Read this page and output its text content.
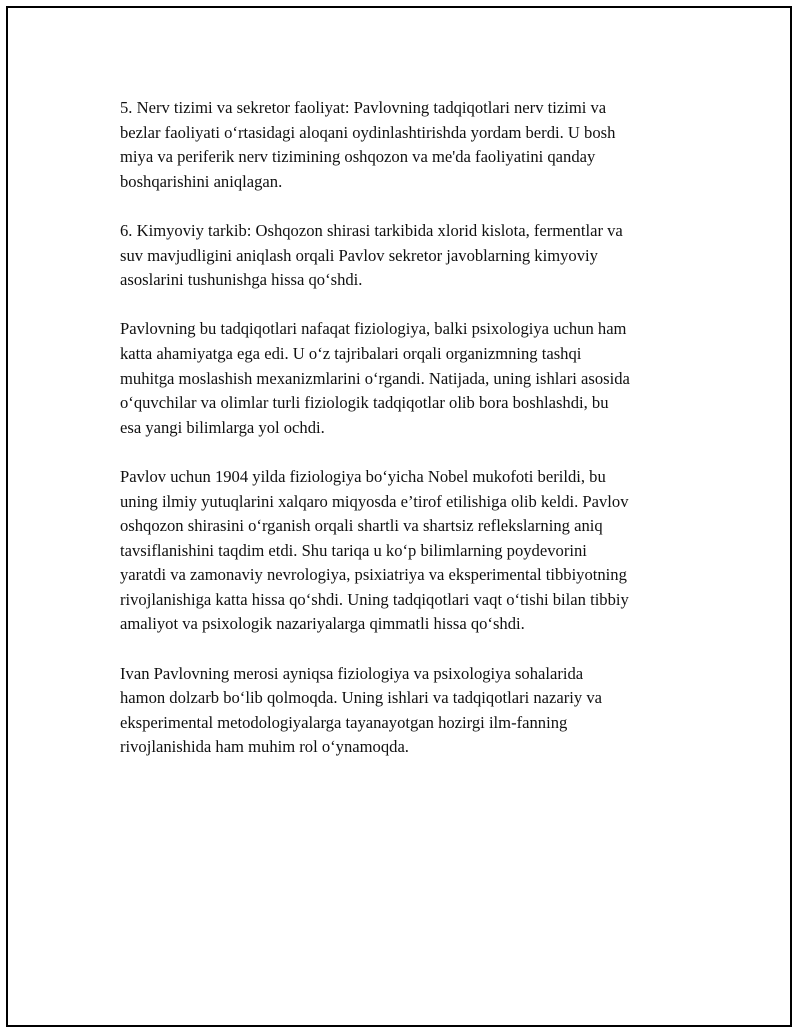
5. Nerv tizimi va sekretor faoliyat: Pavlovning tadqiqotlari nerv tizimi va
bezlar faoliyati o‘rtasidagi aloqani oydinlashtirishda yordam berdi. U bosh
miya va periferik nerv tizimining oshqozon va me'da faoliyatini qanday
boshqarishini aniqlagan.

6. Kimyoviy tarkib: Oshqozon shirasi tarkibida xlorid kislota, fermentlar va
suv mavjudligini aniqlash orqali Pavlov sekretor javoblarning kimyoviy
asoslarini tushunishga hissa qo‘shdi.

Pavlovning bu tadqiqotlari nafaqat fiziologiya, balki psixologiya uchun ham
katta ahamiyatga ega edi. U o‘z tajribalari orqali organizmning tashqi
muhitga moslashish mexanizmlarini o‘rgandi. Natijada, uning ishlari asosida
o‘quvchilar va olimlar turli fiziologik tadqiqotlar olib bora boshlashdi, bu
esa yangi bilimlarga yol ochdi.

Pavlov uchun 1904 yilda fiziologiya bo‘yicha Nobel mukofoti berildi, bu
uning ilmiy yutuqlarini xalqaro miqyosda e’tirof etilishiga olib keldi. Pavlov
oshqozon shirasini o‘rganish orqali shartli va shartsiz reflekslarning aniq
tavsiflanishini taqdim etdi. Shu tariqa u ko‘p bilimlarning poydevorini
yaratdi va zamonaviy nevrologiya, psixiatriya va eksperimental tibbiyotning
rivojlanishiga katta hissa qo‘shdi. Uning tadqiqotlari vaqt o‘tishi bilan tibbiy
amaliyot va psixologik nazariyalarga qimmatli hissa qo‘shdi.

Ivan Pavlovning merosi ayniqsa fiziologiya va psixologiya sohalarida
hamon dolzarb bo‘lib qolmoqda. Uning ishlari va tadqiqotlari nazariy va
eksperimental metodologiyalarga tayanayotgan hozirgi ilm-fanning
rivojlanishida ham muhim rol o‘ynamoqda.
